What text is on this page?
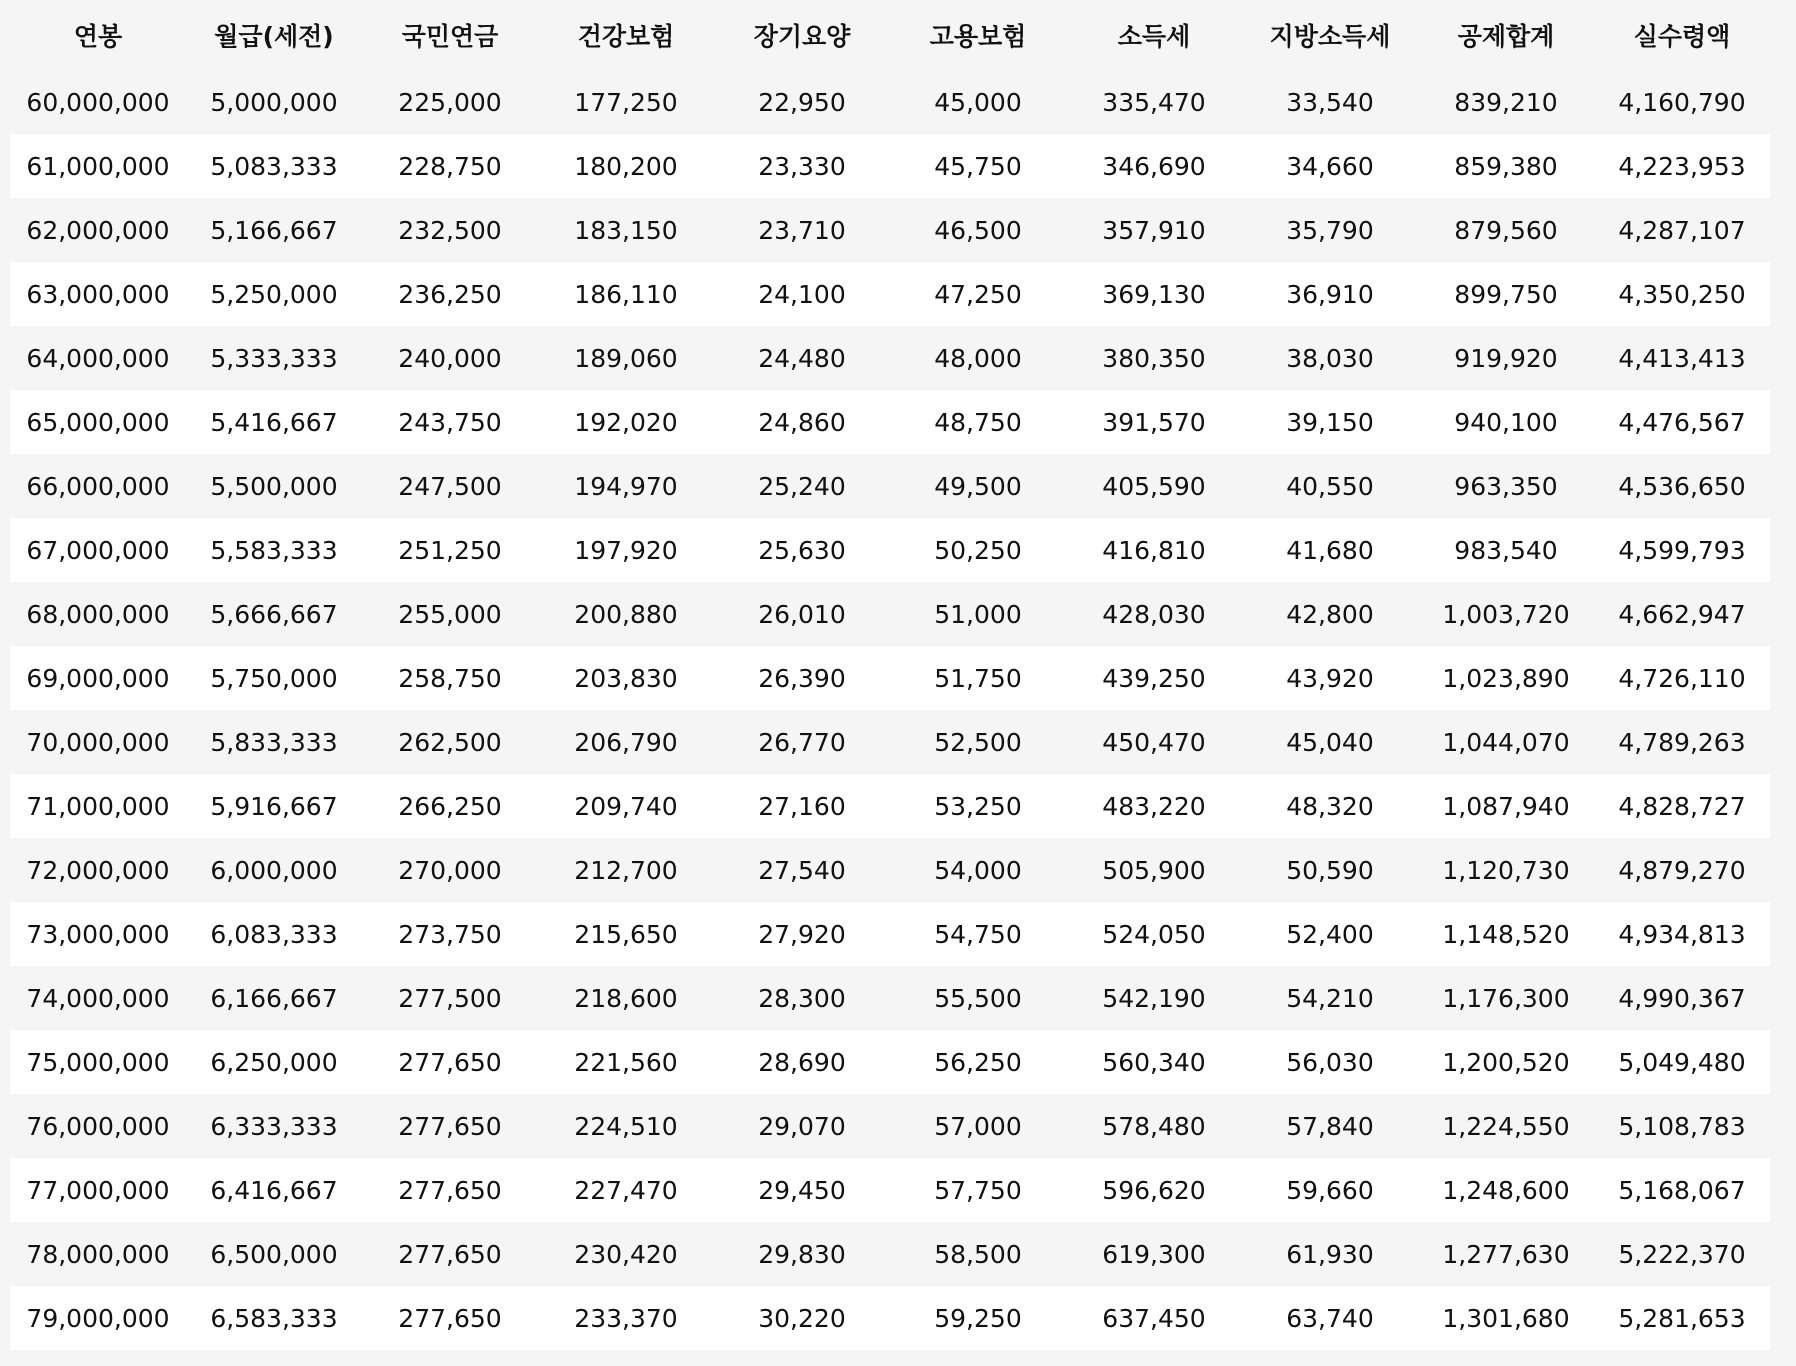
연봉	월급(세전)	국민연금	건강보험	장기요양	고용보험	소득세	지방소득세	공제합계	실수령액
60,000,000	5,000,000	225,000	177,250	22,950	45,000	335,470	33,540	839,210	4,160,790
61,000,000	5,083,333	228,750	180,200	23,330	45,750	346,690	34,660	859,380	4,223,953
62,000,000	5,166,667	232,500	183,150	23,710	46,500	357,910	35,790	879,560	4,287,107
63,000,000	5,250,000	236,250	186,110	24,100	47,250	369,130	36,910	899,750	4,350,250
64,000,000	5,333,333	240,000	189,060	24,480	48,000	380,350	38,030	919,920	4,413,413
65,000,000	5,416,667	243,750	192,020	24,860	48,750	391,570	39,150	940,100	4,476,567
66,000,000	5,500,000	247,500	194,970	25,240	49,500	405,590	40,550	963,350	4,536,650
67,000,000	5,583,333	251,250	197,920	25,630	50,250	416,810	41,680	983,540	4,599,793
68,000,000	5,666,667	255,000	200,880	26,010	51,000	428,030	42,800	1,003,720	4,662,947
69,000,000	5,750,000	258,750	203,830	26,390	51,750	439,250	43,920	1,023,890	4,726,110
70,000,000	5,833,333	262,500	206,790	26,770	52,500	450,470	45,040	1,044,070	4,789,263
71,000,000	5,916,667	266,250	209,740	27,160	53,250	483,220	48,320	1,087,940	4,828,727
72,000,000	6,000,000	270,000	212,700	27,540	54,000	505,900	50,590	1,120,730	4,879,270
73,000,000	6,083,333	273,750	215,650	27,920	54,750	524,050	52,400	1,148,520	4,934,813
74,000,000	6,166,667	277,500	218,600	28,300	55,500	542,190	54,210	1,176,300	4,990,367
75,000,000	6,250,000	277,650	221,560	28,690	56,250	560,340	56,030	1,200,520	5,049,480
76,000,000	6,333,333	277,650	224,510	29,070	57,000	578,480	57,840	1,224,550	5,108,783
77,000,000	6,416,667	277,650	227,470	29,450	57,750	596,620	59,660	1,248,600	5,168,067
78,000,000	6,500,000	277,650	230,420	29,830	58,500	619,300	61,930	1,277,630	5,222,370
79,000,000	6,583,333	277,650	233,370	30,220	59,250	637,450	63,740	1,301,680	5,281,653
